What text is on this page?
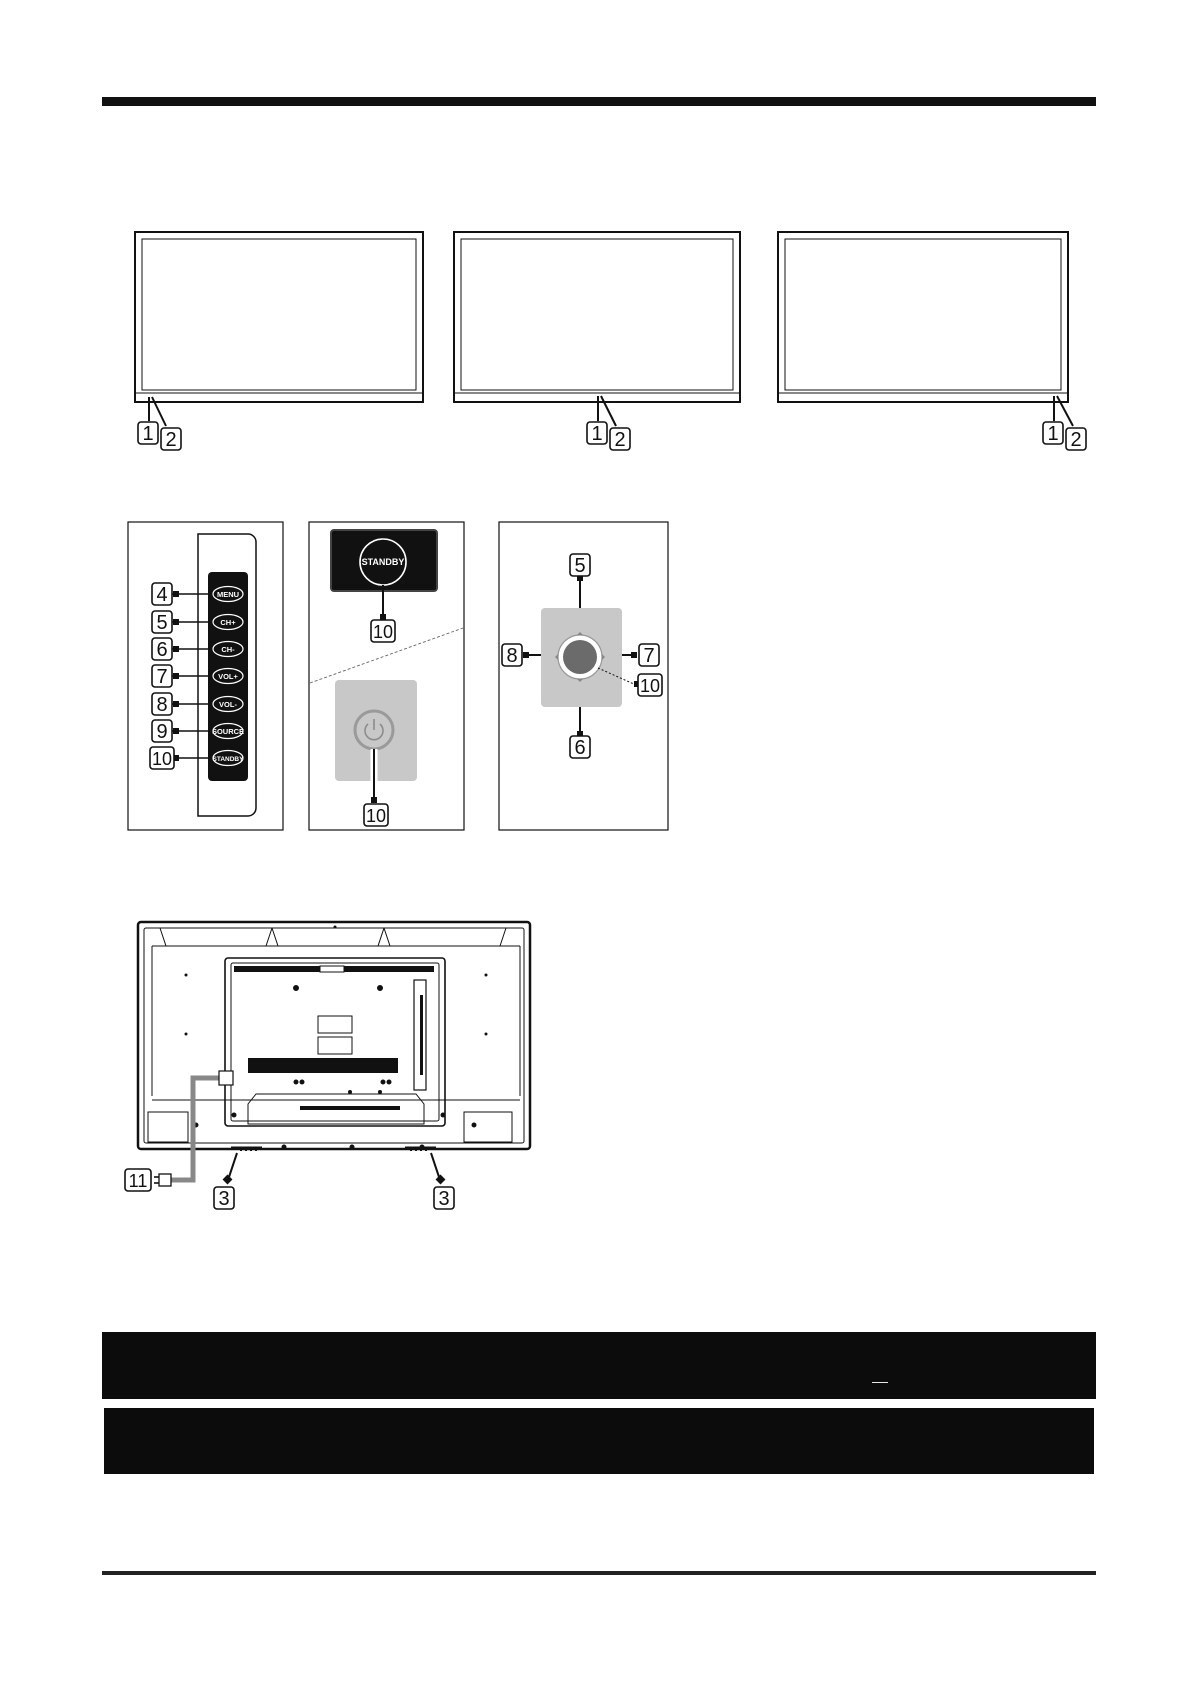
1 2	1 2	1 2
MENU
CH+
CH-
VOL+
VOL-
SOURCE
STANDBY
4
5
6
7
8
9
10
STANDBY
10
10
5
6
8	7
10
11
3	3
